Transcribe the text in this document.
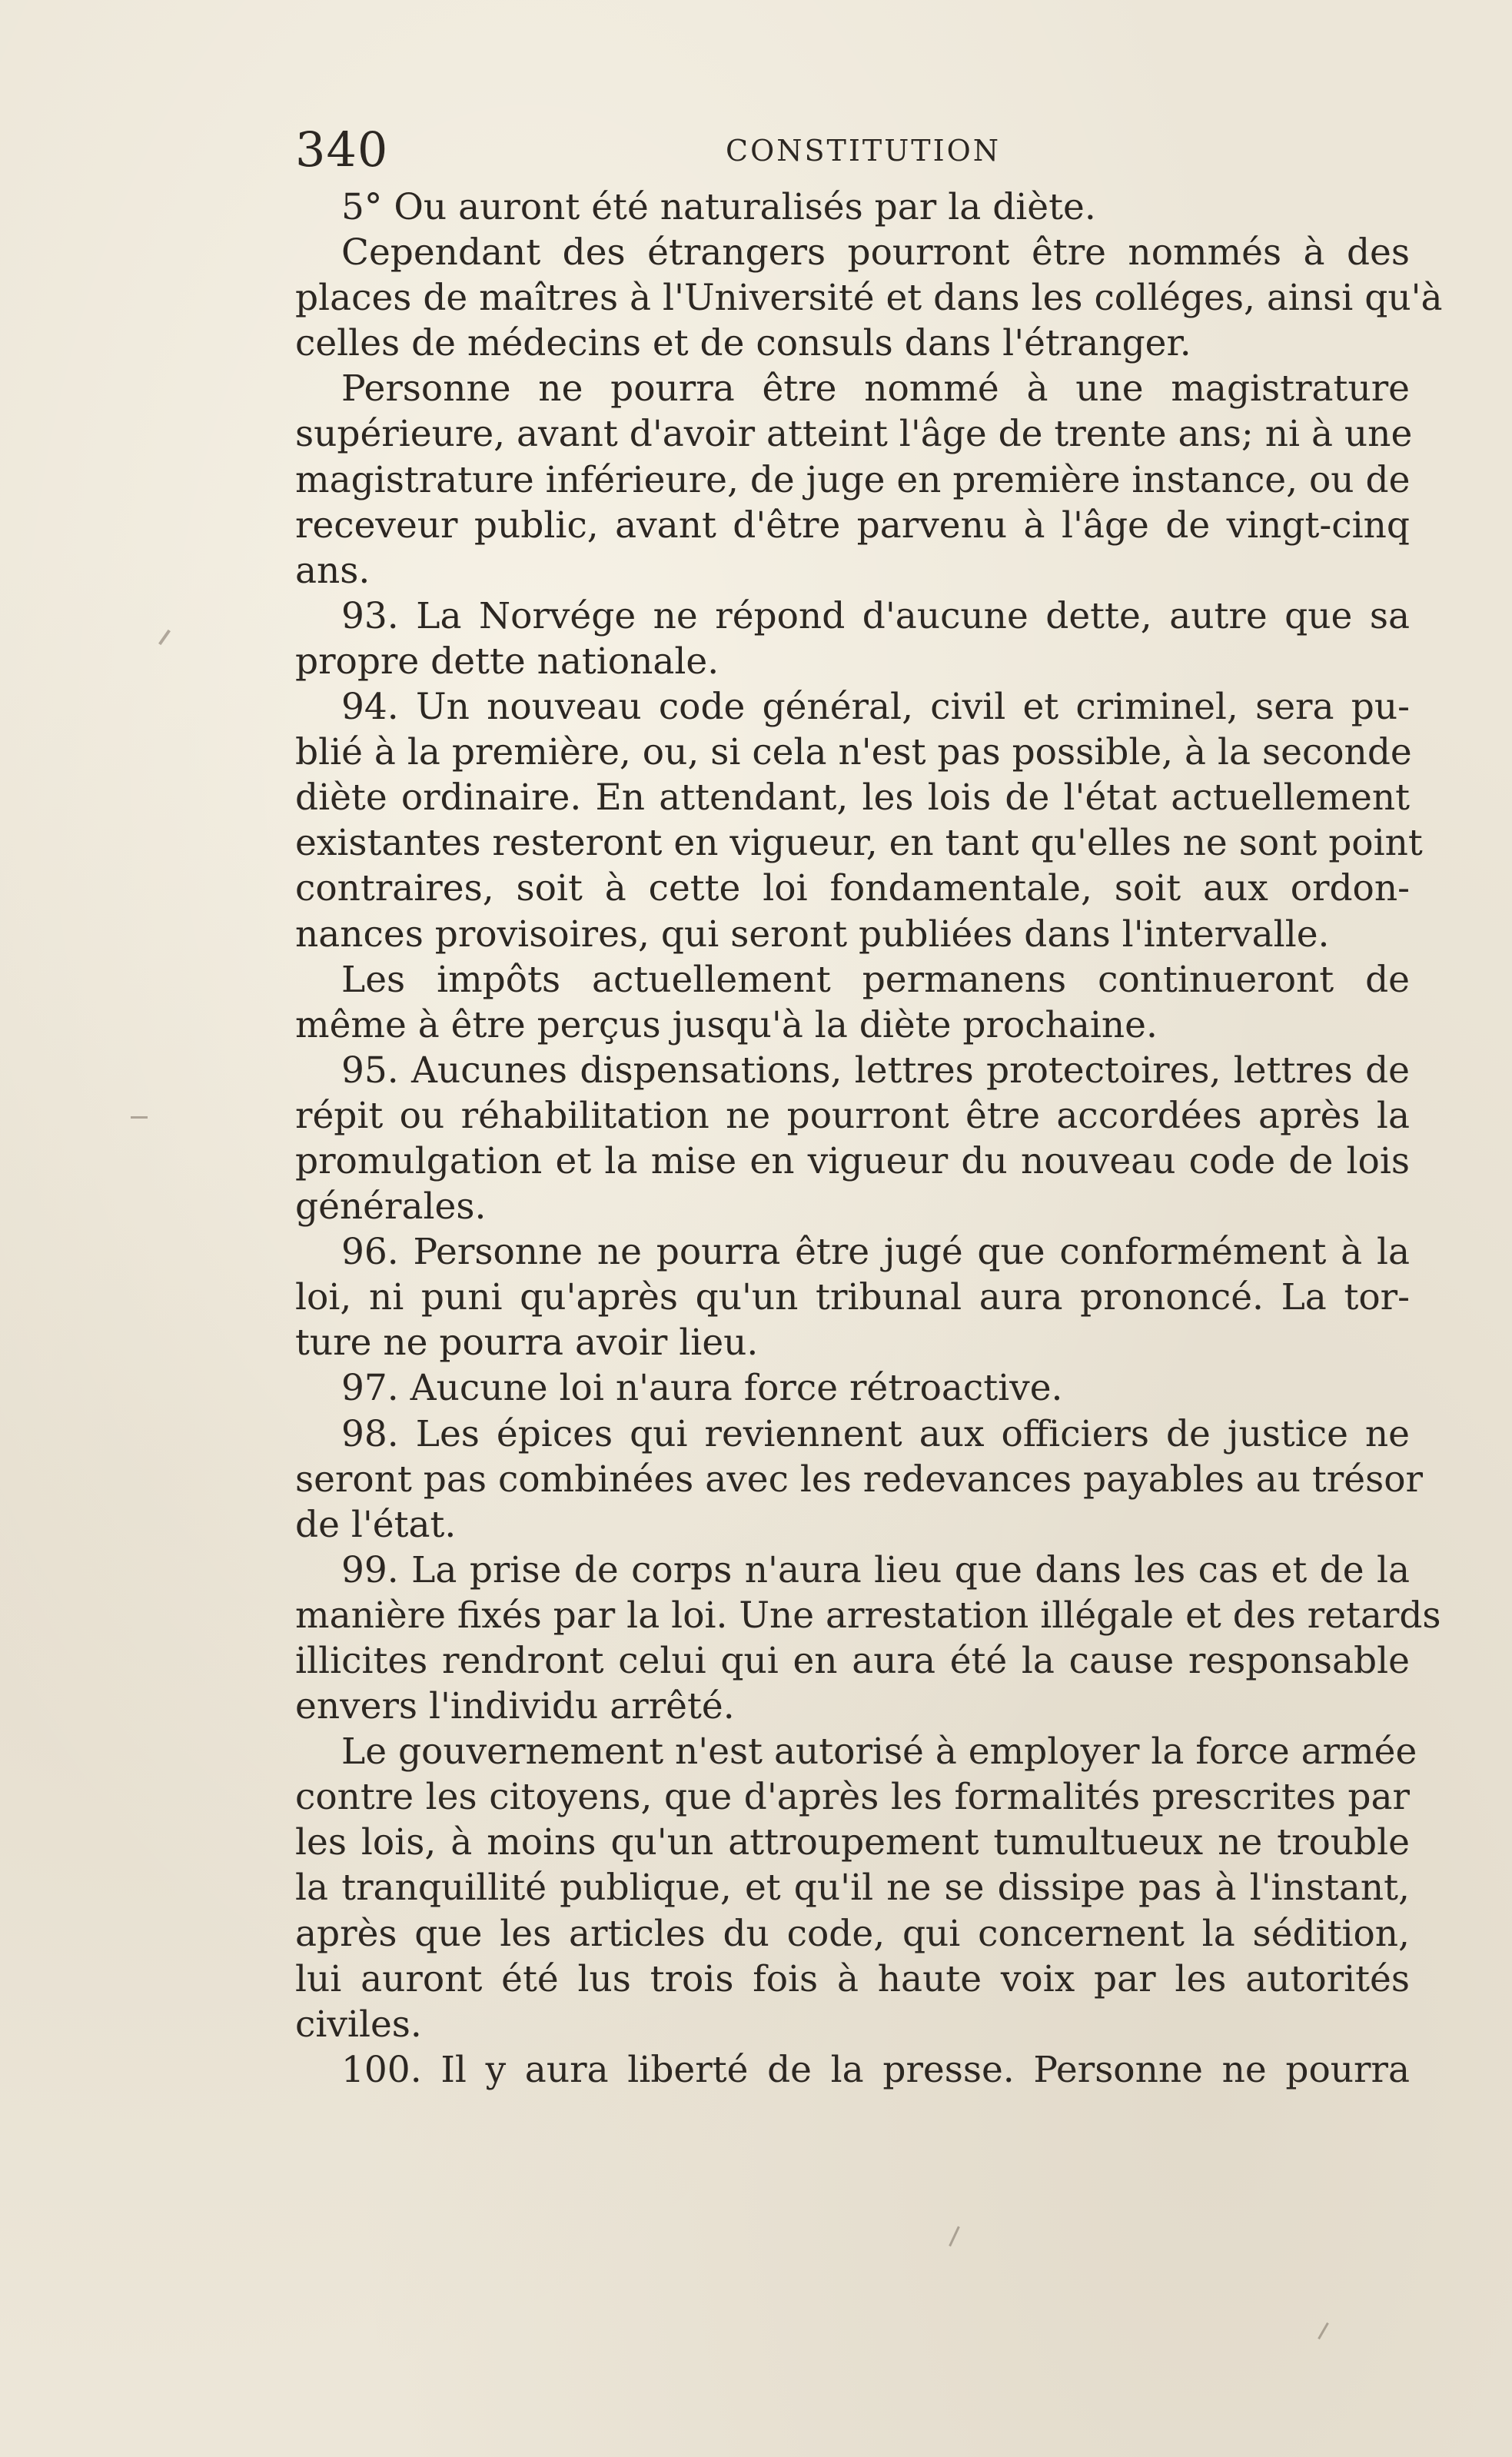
340	CONSTITUTION
5° Ou auront été naturalisés par la diète.
Cependant des étrangers pourront être nommés à des
places de maîtres à l'Université et dans les colléges, ainsi qu'à
celles de médecins et de consuls dans l'étranger.
Personne ne pourra être nommé à une magistrature
supérieure, avant d'avoir atteint l'âge de trente ans; ni à une
magistrature inférieure, de juge en première instance, ou de
receveur public, avant d'être parvenu à l'âge de vingt-cinq
ans.
93. La Norvége ne répond d'aucune dette, autre que sa
propre dette nationale.
94. Un nouveau code général, civil et criminel, sera pu-
blié à la première, ou, si cela n'est pas possible, à la seconde
diète ordinaire. En attendant, les lois de l'état actuellement
existantes resteront en vigueur, en tant qu'elles ne sont point
contraires, soit à cette loi fondamentale, soit aux ordon-
nances provisoires, qui seront publiées dans l'intervalle.
Les impôts actuellement permanens continueront de
même à être perçus jusqu'à la diète prochaine.
95. Aucunes dispensations, lettres protectoires, lettres de
répit ou réhabilitation ne pourront être accordées après la
promulgation et la mise en vigueur du nouveau code de lois
générales.
96. Personne ne pourra être jugé que conformément à la
loi, ni puni qu'après qu'un tribunal aura prononcé. La tor-
ture ne pourra avoir lieu.
97. Aucune loi n'aura force rétroactive.
98. Les épices qui reviennent aux officiers de justice ne
seront pas combinées avec les redevances payables au trésor
de l'état.
99. La prise de corps n'aura lieu que dans les cas et de la
manière fixés par la loi. Une arrestation illégale et des retards
illicites rendront celui qui en aura été la cause responsable
envers l'individu arrêté.
Le gouvernement n'est autorisé à employer la force armée
contre les citoyens, que d'après les formalités prescrites par
les lois, à moins qu'un attroupement tumultueux ne trouble
la tranquillité publique, et qu'il ne se dissipe pas à l'instant,
après que les articles du code, qui concernent la sédition,
lui auront été lus trois fois à haute voix par les autorités
civiles.
100. Il y aura liberté de la presse. Personne ne pourra
